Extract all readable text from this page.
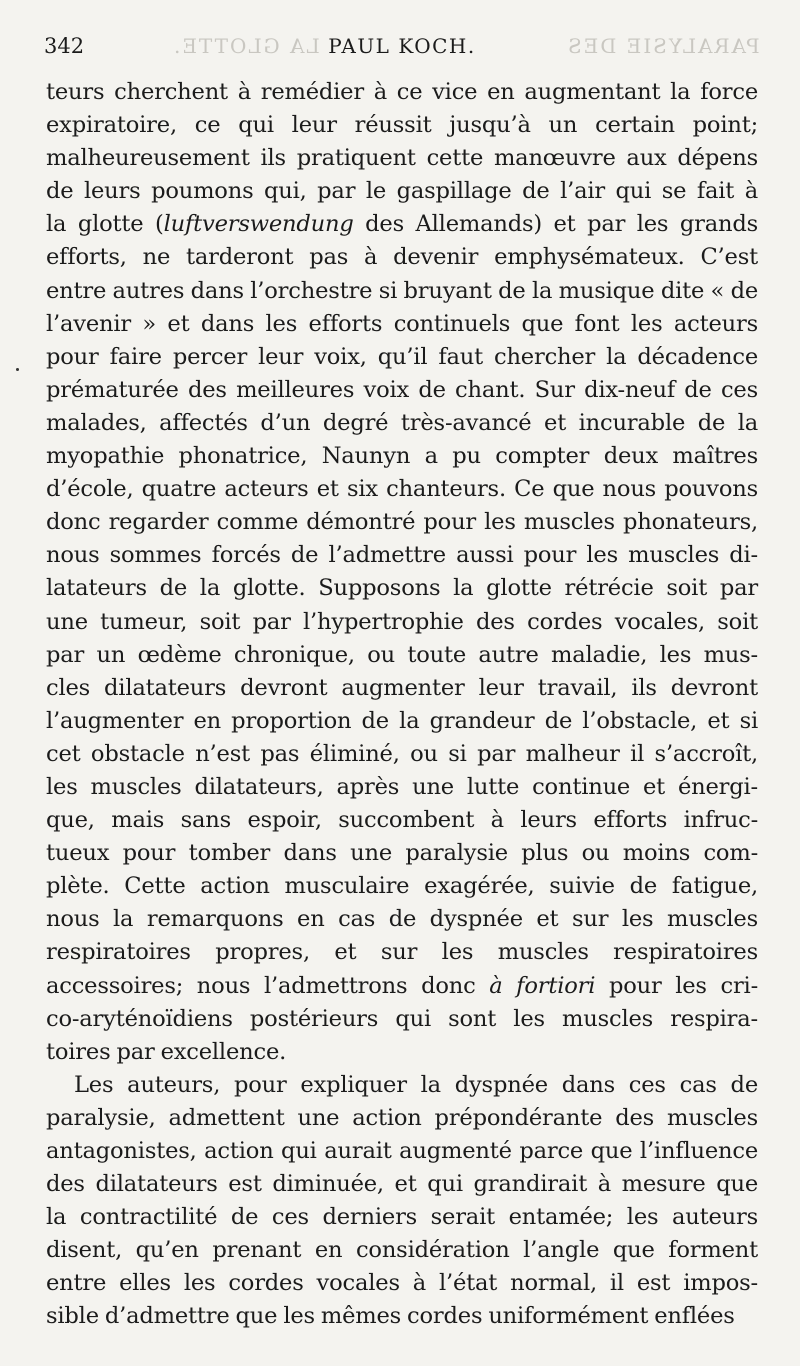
LA GLOTTE.	PARALYSIE DES
342	PAUL KOCH.
teurs cherchent à remédier à ce vice en augmentant la force
expiratoire, ce qui leur réussit jusqu’à un certain point;
malheureusement ils pratiquent cette manœuvre aux dépens
de leurs poumons qui, par le gaspillage de l’air qui se fait à
la glotte (luftverswendung des Allemands) et par les grands
efforts, ne tarderont pas à devenir emphysémateux. C’est
entre autres dans l’orchestre si bruyant de la musique dite « de
l’avenir » et dans les efforts continuels que font les acteurs
pour faire percer leur voix, qu’il faut chercher la décadence
prématurée des meilleures voix de chant. Sur dix-neuf de ces
malades, affectés d’un degré très-avancé et incurable de la
myopathie phonatrice, Naunyn a pu compter deux maîtres
d’école, quatre acteurs et six chanteurs. Ce que nous pouvons
donc regarder comme démontré pour les muscles phonateurs,
nous sommes forcés de l’admettre aussi pour les muscles di-
latateurs de la glotte. Supposons la glotte rétrécie soit par
une tumeur, soit par l’hypertrophie des cordes vocales, soit
par un œdème chronique, ou toute autre maladie, les mus-
cles dilatateurs devront augmenter leur travail, ils devront
l’augmenter en proportion de la grandeur de l’obstacle, et si
cet obstacle n’est pas éliminé, ou si par malheur il s’accroît,
les muscles dilatateurs, après une lutte continue et énergi-
que, mais sans espoir, succombent à leurs efforts infruc-
tueux pour tomber dans une paralysie plus ou moins com-
plète. Cette action musculaire exagérée, suivie de fatigue,
nous la remarquons en cas de dyspnée et sur les muscles
respiratoires propres, et sur les muscles respiratoires
accessoires; nous l’admettrons donc à fortiori pour les cri-
co-aryténoïdiens postérieurs qui sont les muscles respira-
toires par excellence.
Les auteurs, pour expliquer la dyspnée dans ces cas de
paralysie, admettent une action prépondérante des muscles
antagonistes, action qui aurait augmenté parce que l’influence
des dilatateurs est diminuée, et qui grandirait à mesure que
la contractilité de ces derniers serait entamée; les auteurs
disent, qu’en prenant en considération l’angle que forment
entre elles les cordes vocales à l’état normal, il est impos-
sible d’admettre que les mêmes cordes uniformément enflées
